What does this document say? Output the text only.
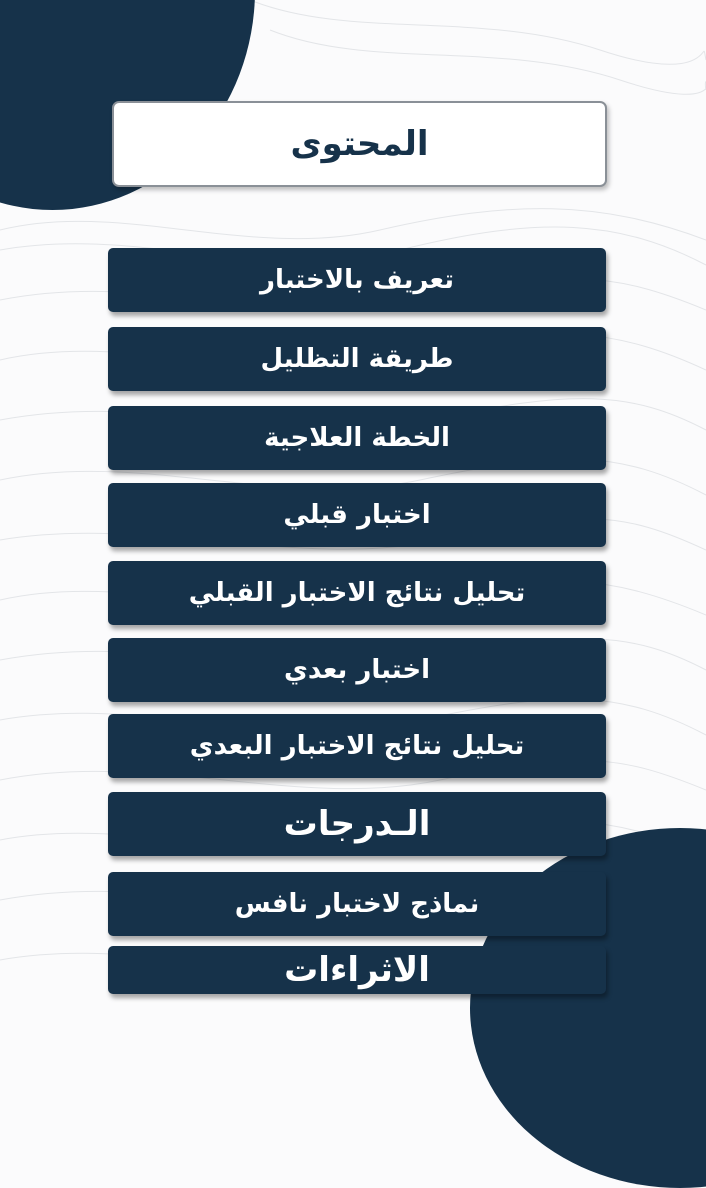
المحتوى
تعريف بالاختبار
طريقة التظليل
الخطة العلاجية
اختبار قبلي
تحليل نتائج الاختبار القبلي
اختبار بعدي
تحليل نتائج الاختبار البعدي
الـدرجات
نماذج لاختبار نافس
الاثراءات
